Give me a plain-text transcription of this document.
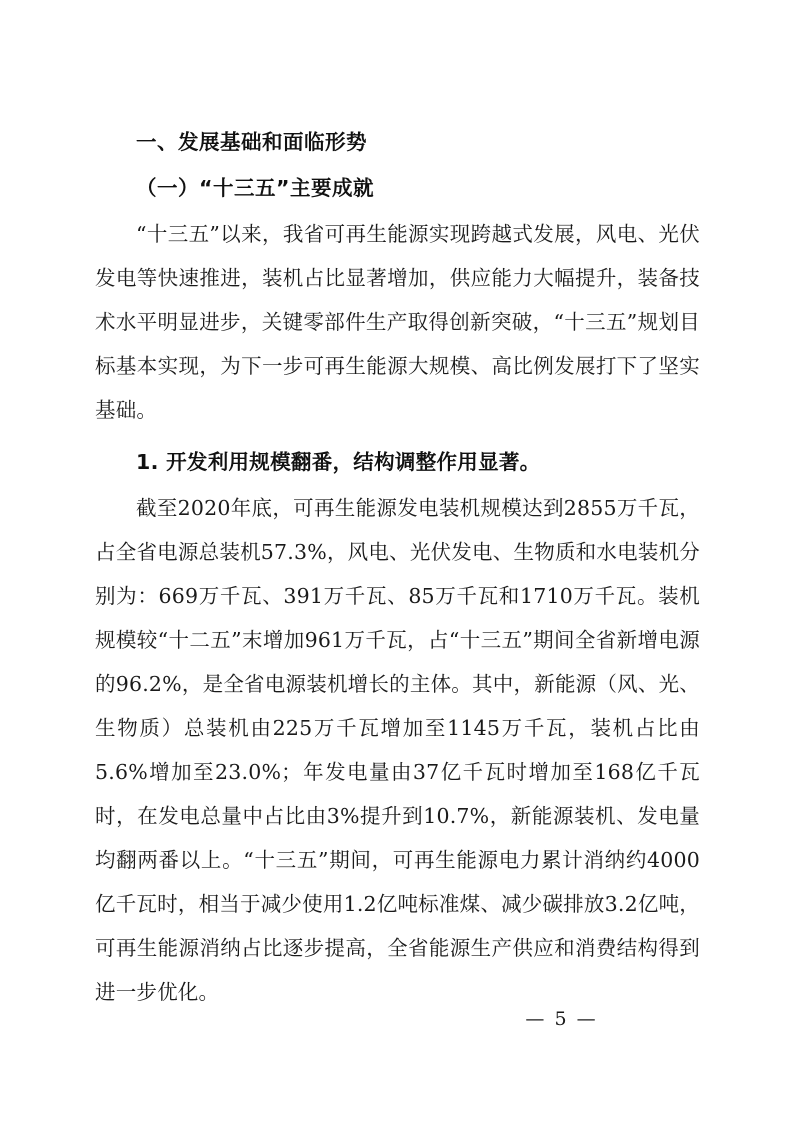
一、发展基础和面临形势
（一）“十三五”主要成就

“十三五”以来，我省可再生能源实现跨越式发展，风电、光伏发电等快速推进，装机占比显著增加，供应能力大幅提升，装备技术水平明显进步，关键零部件生产取得创新突破，“十三五”规划目标基本实现，为下一步可再生能源大规模、高比例发展打下了坚实基础。

1. 开发利用规模翻番，结构调整作用显著。

截至2020年底，可再生能源发电装机规模达到2855万千瓦，占全省电源总装机57.3%，风电、光伏发电、生物质和水电装机分别为：669万千瓦、391万千瓦、85万千瓦和1710万千瓦。装机规模较“十二五”末增加961万千瓦，占“十三五”期间全省新增电源的96.2%，是全省电源装机增长的主体。其中，新能源（风、光、生物质）总装机由225万千瓦增加至1145万千瓦，装机占比由5.6%增加至23.0%；年发电量由37亿千瓦时增加至168亿千瓦时，在发电总量中占比由3%提升到10.7%，新能源装机、发电量均翻两番以上。“十三五”期间，可再生能源电力累计消纳约4000亿千瓦时，相当于减少使用1.2亿吨标准煤、减少碳排放3.2亿吨，可再生能源消纳占比逐步提高，全省能源生产供应和消费结构得到进一步优化。

— 5 —
